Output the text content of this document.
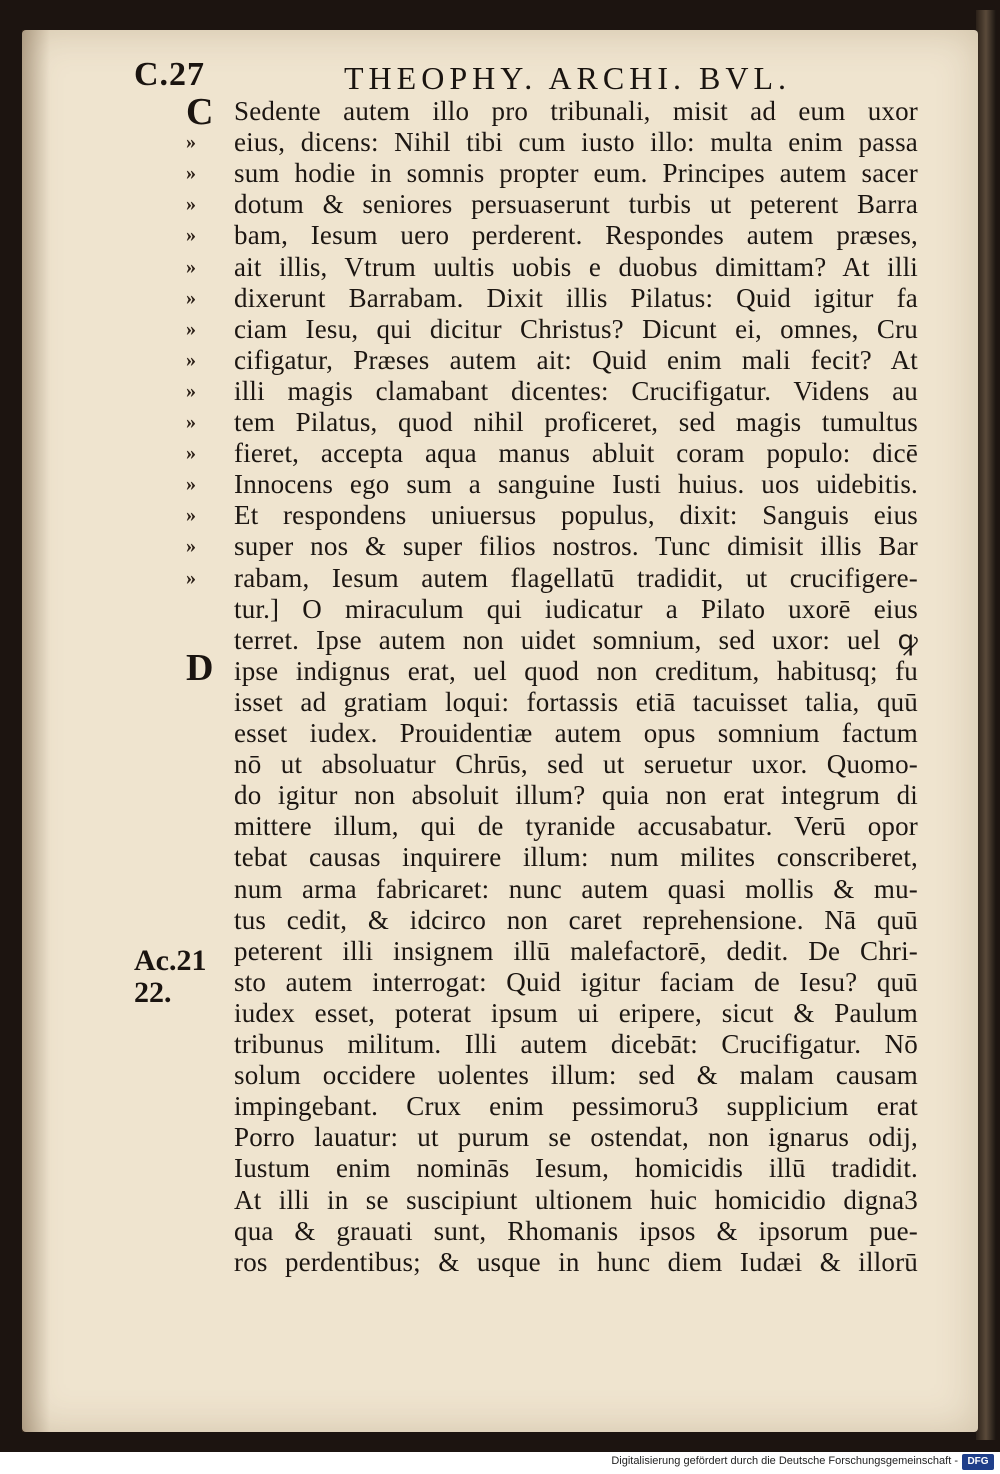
C.27	THEOPHY. ARCHI. BVL.
C
D
Ac.21
22.
»
»
»
»
»
»
»
»
»
»
»
»
»
»
»
Sedente autem illo pro tribunali, misit ad eum uxor
eius, dicens: Nihil tibi cum iusto illo: multa enim passa
sum hodie in somnis propter eum. Principes autem sacer
dotum & seniores persuaserunt turbis ut peterent Barra
bam, Iesum uero perderent. Respondes autem præses,
ait illis, Vtrum uultis uobis e duobus dimittam? At illi
dixerunt Barrabam. Dixit illis Pilatus: Quid igitur fa
ciam Iesu, qui dicitur Christus? Dicunt ei, omnes, Cru
cifigatur, Præses autem ait: Quid enim mali fecit? At
illi magis clamabant dicentes: Crucifigatur. Videns au
tem Pilatus, quod nihil proficeret, sed magis tumultus
fieret, accepta aqua manus abluit coram populo: dicē
Innocens ego sum a sanguine Iusti huius. uos uidebitis.
Et respondens uniuersus populus, dixit: Sanguis eius
super nos & super filios nostros. Tunc dimisit illis Bar
rabam, Iesum autem flagellatū tradidit, ut crucifigere-
tur.] O miraculum qui iudicatur a Pilato uxorē eius
terret. Ipse autem non uidet somnium, sed uxor: uel ꝙ
ipse indignus erat, uel quod non creditum, habitusq; fu
isset ad gratiam loqui: fortassis etiā tacuisset talia, quū
esset iudex. Prouidentiæ autem opus somnium factum
nō ut absoluatur Chrūs, sed ut seruetur uxor. Quomo-
do igitur non absoluit illum? quia non erat integrum di
mittere illum, qui de tyranide accusabatur. Verū opor
tebat causas inquirere illum: num milites conscriberet,
num arma fabricaret: nunc autem quasi mollis & mu-
tus cedit, & idcirco non caret reprehensione. Nā quū
peterent illi insignem illū malefactorē, dedit. De Chri-
sto autem interrogat: Quid igitur faciam de Iesu? quū
iudex esset, poterat ipsum ui eripere, sicut & Paulum
tribunus militum. Illi autem dicebāt: Crucifigatur. Nō
solum occidere uolentes illum: sed & malam causam
impingebant. Crux enim pessimoru3 supplicium erat
Porro lauatur: ut purum se ostendat, non ignarus odij,
Iustum enim nominās Iesum, homicidis illū tradidit.
At illi in se suscipiunt ultionem huic homicidio digna3
qua & grauati sunt, Rhomanis ipsos & ipsorum pue-
ros perdentibus; & usque in hunc diem Iudæi & illorū
Digitalisierung gefördert durch die Deutsche Forschungsgemeinschaft - DFG
